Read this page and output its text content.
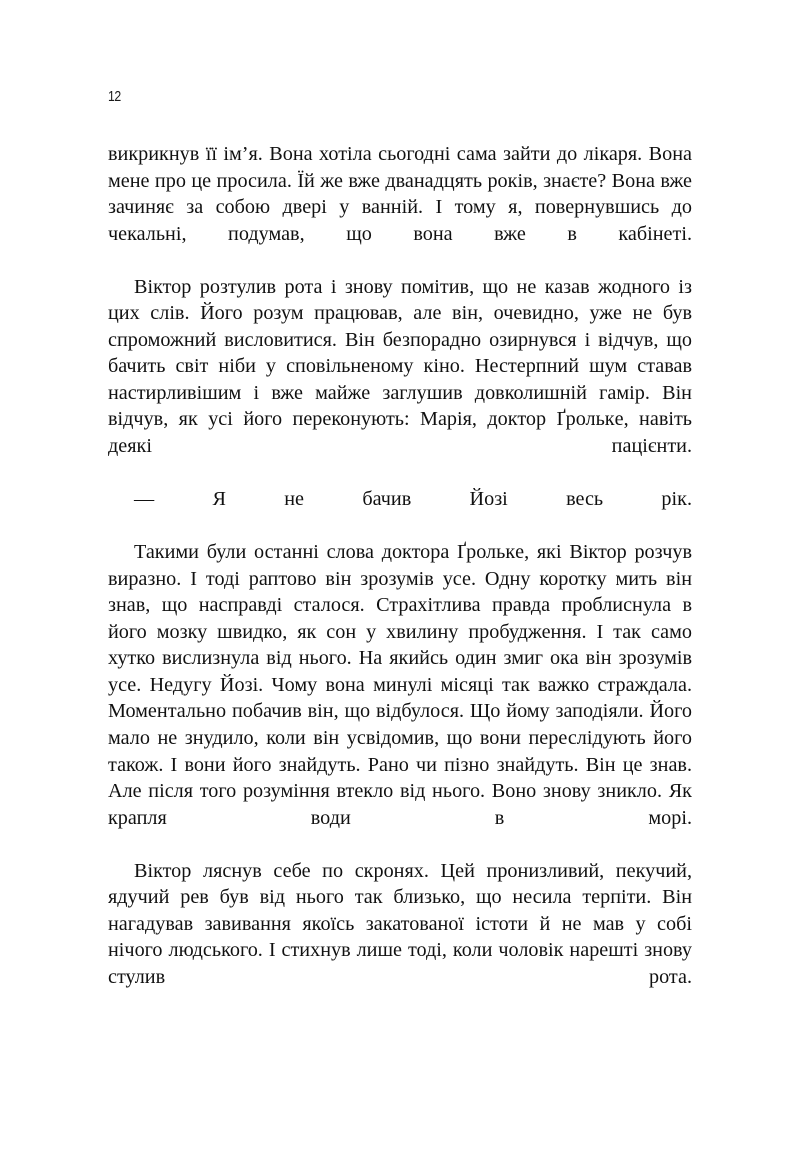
12

викрикнув її ім’я. Вона хотіла сьогодні сама зайти до лікаря. Вона мене про це просила. Їй же вже дванадцять років, знаєте? Вона вже зачиняє за собою двері у ванній. І тому я, повернувшись до чекальні, подумав, що вона вже в кабінеті.

Віктор розтулив рота і знову помітив, що не казав жодного із цих слів. Його розум працював, але він, очевидно, уже не був спроможний висловитися. Він безпорадно озирнувся і відчув, що бачить світ ніби у сповільненому кіно. Нестерпний шум ставав настирливішим і вже майже заглушив довколишній гамір. Він відчув, як усі його переконують: Марія, доктор Ґролькe, навіть деякі пацієнти.

— Я не бачив Йозі весь рік.

Такими були останні слова доктора Ґролькe, які Віктор розчув виразно. І тоді раптово він зрозумів усе. Одну коротку мить він знав, що насправді сталося. Страхітлива правда проблиснула в його мозку швидко, як сон у хвилину пробудження. І так само хутко вислизнула від нього. На якийсь один змиг ока він зрозумів усе. Недугу Йозі. Чому вона минулі місяці так важко страждала. Моментально побачив він, що відбулося. Що йому заподіяли. Його мало не знудило, коли він усвідомив, що вони переслідують його також. І вони його знайдуть. Рано чи пізно знайдуть. Він це знав. Але після того розуміння втекло від нього. Воно знову зникло. Як крапля води в морі.

Віктор ляснув себе по скронях. Цей пронизливий, пекучий, ядучий рев був від нього так близько, що несила терпіти. Він нагадував завивання якоїсь закатованої істоти й не мав у собі нічого людського. І стихнув лише тоді, коли чоловік нарешті знову стулив рота.
